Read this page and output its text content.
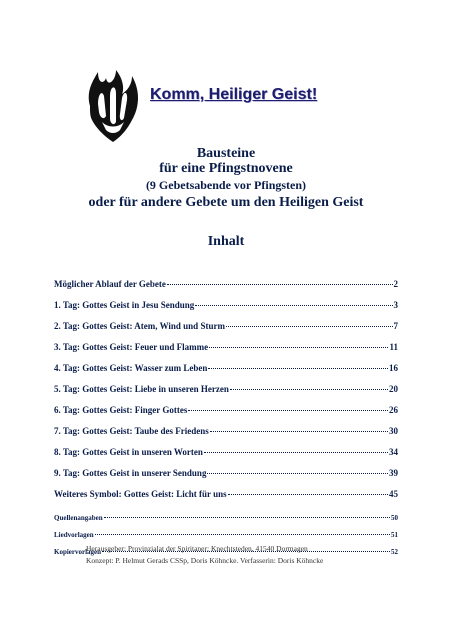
Komm, Heiliger Geist!
Bausteine
für eine Pfingstnovene
(9 Gebetsabende vor Pfingsten)
oder für andere Gebete um den Heiligen Geist
Inhalt
Möglicher Ablauf der Gebete	2
1. Tag: Gottes Geist in Jesu Sendung	3
2. Tag: Gottes Geist: Atem, Wind und Sturm	7
3. Tag: Gottes Geist: Feuer und Flamme	11
4. Tag: Gottes Geist: Wasser zum Leben	16
5. Tag: Gottes Geist: Liebe in unseren Herzen	20
6. Tag: Gottes Geist: Finger Gottes	26
7. Tag: Gottes Geist: Taube des Friedens	30
8. Tag: Gottes Geist in unseren Worten	34
9. Tag: Gottes Geist in unserer Sendung	39
Weiteres Symbol: Gottes Geist: Licht für uns	45
Quellenangaben	50
Liedvorlagen	51
Kopiervorlagen	52
Herausgeber: Provinzialat der Spiritaner; Knechtsteden, 41540 Dormagen
Konzept: P. Helmut Gerads CSSp, Doris Köhncke. Verfasserin: Doris Köhncke
